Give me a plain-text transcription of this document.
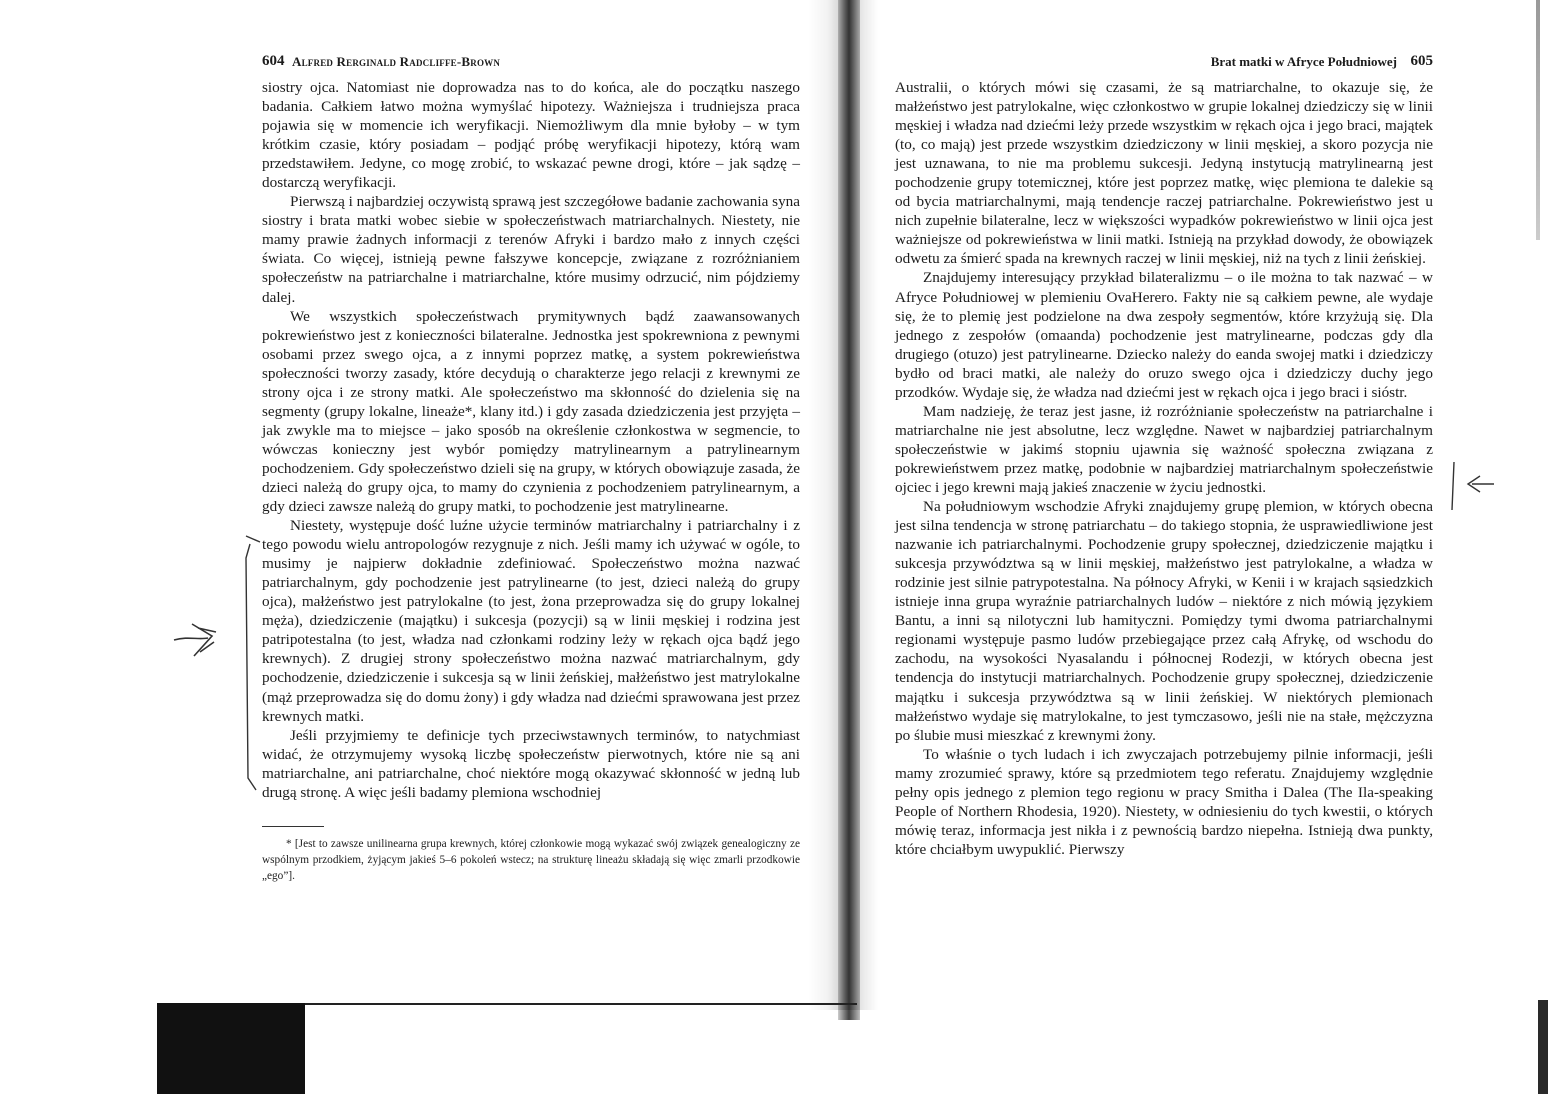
604 Alfred Rerginald Radcliffe-Brown

siostry ojca. Natomiast nie doprowadza nas to do końca, ale do początku naszego badania. Całkiem łatwo można wymyślać hipotezy. Ważniejsza i trudniejsza praca pojawia się w momencie ich weryfikacji. Niemożliwym dla mnie byłoby – w tym krótkim czasie, który posiadam – podjąć próbę weryfikacji hipotezy, którą wam przedstawiłem. Jedyne, co mogę zrobić, to wskazać pewne drogi, które – jak sądzę – dostarczą weryfikacji.

Pierwszą i najbardziej oczywistą sprawą jest szczegółowe badanie zachowania syna siostry i brata matki wobec siebie w społeczeństwach matriarchalnych. Niestety, nie mamy prawie żadnych informacji z terenów Afryki i bardzo mało z innych części świata. Co więcej, istnieją pewne fałszywe koncepcje, związane z rozróżnianiem społeczeństw na patriarchalne i matriarchalne, które musimy odrzucić, nim pójdziemy dalej.

We wszystkich społeczeństwach prymitywnych bądź zaawansowanych pokrewieństwo jest z konieczności bilateralne. Jednostka jest spokrewniona z pewnymi osobami przez swego ojca, a z innymi poprzez matkę, a system pokrewieństwa społeczności tworzy zasady, które decydują o charakterze jego relacji z krewnymi ze strony ojca i ze strony matki. Ale społeczeństwo ma skłonność do dzielenia się na segmenty (grupy lokalne, lineaże*, klany itd.) i gdy zasada dziedziczenia jest przyjęta – jak zwykle ma to miejsce – jako sposób na określenie członkostwa w segmencie, to wówczas konieczny jest wybór pomiędzy matrylinearnym a patrylinearnym pochodzeniem. Gdy społeczeństwo dzieli się na grupy, w których obowiązuje zasada, że dzieci należą do grupy ojca, to mamy do czynienia z pochodzeniem patrylinearnym, a gdy dzieci zawsze należą do grupy matki, to pochodzenie jest matrylinearne.

Niestety, występuje dość luźne użycie terminów matriarchalny i patriarchalny i z tego powodu wielu antropologów rezygnuje z nich. Jeśli mamy ich używać w ogóle, to musimy je najpierw dokładnie zdefiniować. Społeczeństwo można nazwać patriarchalnym, gdy pochodzenie jest patrylinearne (to jest, dzieci należą do grupy ojca), małżeństwo jest patrylokalne (to jest, żona przeprowadza się do grupy lokalnej męża), dziedziczenie (majątku) i sukcesja (pozycji) są w linii męskiej i rodzina jest patripotestalna (to jest, władza nad członkami rodziny leży w rękach ojca bądź jego krewnych). Z drugiej strony społeczeństwo można nazwać matriarchalnym, gdy pochodzenie, dziedziczenie i sukcesja są w linii żeńskiej, małżeństwo jest matrylokalne (mąż przeprowadza się do domu żony) i gdy władza nad dziećmi sprawowana jest przez krewnych matki.

Jeśli przyjmiemy te definicje tych przeciwstawnych terminów, to natychmiast widać, że otrzymujemy wysoką liczbę społeczeństw pierwotnych, które nie są ani matriarchalne, ani patriarchalne, choć niektóre mogą okazywać skłonność w jedną lub drugą stronę. A więc jeśli badamy plemiona wschodniej

* [Jest to zawsze unilinearna grupa krewnych, której członkowie mogą wykazać swój związek genealogiczny ze wspólnym przodkiem, żyjącym jakieś 5–6 pokoleń wstecz; na strukturę lineażu składają się więc zmarli przodkowie „ego”].
Brat matki w Afryce Południowej 605

Australii, o których mówi się czasami, że są matriarchalne, to okazuje się, że małżeństwo jest patrylokalne, więc członkostwo w grupie lokalnej dziedziczy się w linii męskiej i władza nad dziećmi leży przede wszystkim w rękach ojca i jego braci, majątek (to, co mają) jest przede wszystkim dziedziczony w linii męskiej, a skoro pozycja nie jest uznawana, to nie ma problemu sukcesji. Jedyną instytucją matrylinearną jest pochodzenie grupy totemicznej, które jest poprzez matkę, więc plemiona te dalekie są od bycia matriarchalnymi, mają tendencje raczej patriarchalne. Pokrewieństwo jest u nich zupełnie bilateralne, lecz w większości wypadków pokrewieństwo w linii ojca jest ważniejsze od pokrewieństwa w linii matki. Istnieją na przykład dowody, że obowiązek odwetu za śmierć spada na krewnych raczej w linii męskiej, niż na tych z linii żeńskiej.

Znajdujemy interesujący przykład bilateralizmu – o ile można to tak nazwać – w Afryce Południowej w plemieniu OvaHerero. Fakty nie są całkiem pewne, ale wydaje się, że to plemię jest podzielone na dwa zespoły segmentów, które krzyżują się. Dla jednego z zespołów (omaanda) pochodzenie jest matrylinearne, podczas gdy dla drugiego (otuzo) jest patrylinearne. Dziecko należy do eanda swojej matki i dziedziczy bydło od braci matki, ale należy do oruzo swego ojca i dziedziczy duchy jego przodków. Wydaje się, że władza nad dziećmi jest w rękach ojca i jego braci i sióstr.

Mam nadzieję, że teraz jest jasne, iż rozróżnianie społeczeństw na patriarchalne i matriarchalne nie jest absolutne, lecz względne. Nawet w najbardziej patriarchalnym społeczeństwie w jakimś stopniu ujawnia się ważność społeczna związana z pokrewieństwem przez matkę, podobnie w najbardziej matriarchalnym społeczeństwie ojciec i jego krewni mają jakieś znaczenie w życiu jednostki.

Na południowym wschodzie Afryki znajdujemy grupę plemion, w których obecna jest silna tendencja w stronę patriarchatu – do takiego stopnia, że usprawiedliwione jest nazwanie ich patriarchalnymi. Pochodzenie grupy społecznej, dziedziczenie majątku i sukcesja przywództwa są w linii męskiej, małżeństwo jest patrylokalne, a władza w rodzinie jest silnie patrypotestalna. Na północy Afryki, w Kenii i w krajach sąsiedzkich istnieje inna grupa wyraźnie patriarchalnych ludów – niektóre z nich mówią językiem Bantu, a inni są nilotyczni lub hamityczni. Pomiędzy tymi dwoma patriarchalnymi regionami występuje pasmo ludów przebiegające przez całą Afrykę, od wschodu do zachodu, na wysokości Nyasalandu i północnej Rodezji, w których obecna jest tendencja do instytucji matriarchalnych. Pochodzenie grupy społecznej, dziedziczenie majątku i sukcesja przywództwa są w linii żeńskiej. W niektórych plemionach małżeństwo wydaje się matrylokalne, to jest tymczasowo, jeśli nie na stałe, mężczyzna po ślubie musi mieszkać z krewnymi żony.

To właśnie o tych ludach i ich zwyczajach potrzebujemy pilnie informacji, jeśli mamy zrozumieć sprawy, które są przedmiotem tego referatu. Znajdujemy względnie pełny opis jednego z plemion tego regionu w pracy Smitha i Dalea (The Ila-speaking People of Northern Rhodesia, 1920). Niestety, w odniesieniu do tych kwestii, o których mówię teraz, informacja jest nikła i z pewnością bardzo niepełna. Istnieją dwa punkty, które chciałbym uwypuklić. Pierwszy
